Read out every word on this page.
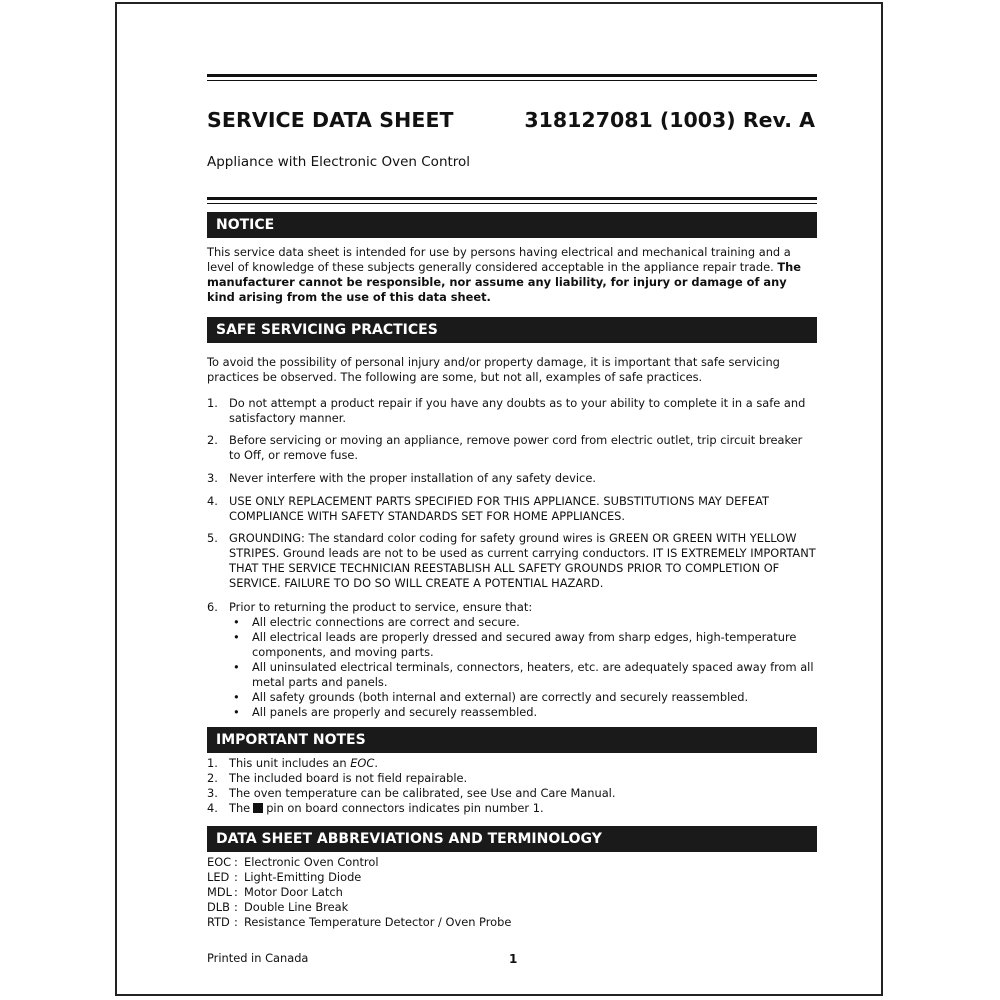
SERVICE DATA SHEET	318127081 (1003) Rev. A
Appliance with Electronic Oven Control
NOTICE
This service data sheet is intended for use by persons having electrical and mechanical training and a level of knowledge of these subjects generally considered acceptable in the appliance repair trade. The manufacturer cannot be responsible, nor assume any liability, for injury or damage of any kind arising from the use of this data sheet.
SAFE SERVICING PRACTICES
To avoid the possibility of personal injury and/or property damage, it is important that safe servicing practices be observed. The following are some, but not all, examples of safe practices.
1. Do not attempt a product repair if you have any doubts as to your ability to complete it in a safe and satisfactory manner.
2. Before servicing or moving an appliance, remove power cord from electric outlet, trip circuit breaker to Off, or remove fuse.
3. Never interfere with the proper installation of any safety device.
4. USE ONLY REPLACEMENT PARTS SPECIFIED FOR THIS APPLIANCE. SUBSTITUTIONS MAY DEFEAT COMPLIANCE WITH SAFETY STANDARDS SET FOR HOME APPLIANCES.
5. GROUNDING: The standard color coding for safety ground wires is GREEN OR GREEN WITH YELLOW STRIPES. Ground leads are not to be used as current carrying conductors. IT IS EXTREMELY IMPORTANT THAT THE SERVICE TECHNICIAN REESTABLISH ALL SAFETY GROUNDS PRIOR TO COMPLETION OF SERVICE. FAILURE TO DO SO WILL CREATE A POTENTIAL HAZARD.
6. Prior to returning the product to service, ensure that:
• All electric connections are correct and secure.
• All electrical leads are properly dressed and secured away from sharp edges, high-temperature components, and moving parts.
• All uninsulated electrical terminals, connectors, heaters, etc. are adequately spaced away from all metal parts and panels.
• All safety grounds (both internal and external) are correctly and securely reassembled.
• All panels are properly and securely reassembled.
IMPORTANT NOTES
1. This unit includes an EOC.
2. The included board is not field repairable.
3. The oven temperature can be calibrated, see Use and Care Manual.
4. The pin on board connectors indicates pin number 1.
DATA SHEET ABBREVIATIONS AND TERMINOLOGY
EOC : Electronic Oven Control
LED : Light-Emitting Diode
MDL : Motor Door Latch
DLB : Double Line Break
RTD : Resistance Temperature Detector / Oven Probe
Printed in Canada	1
